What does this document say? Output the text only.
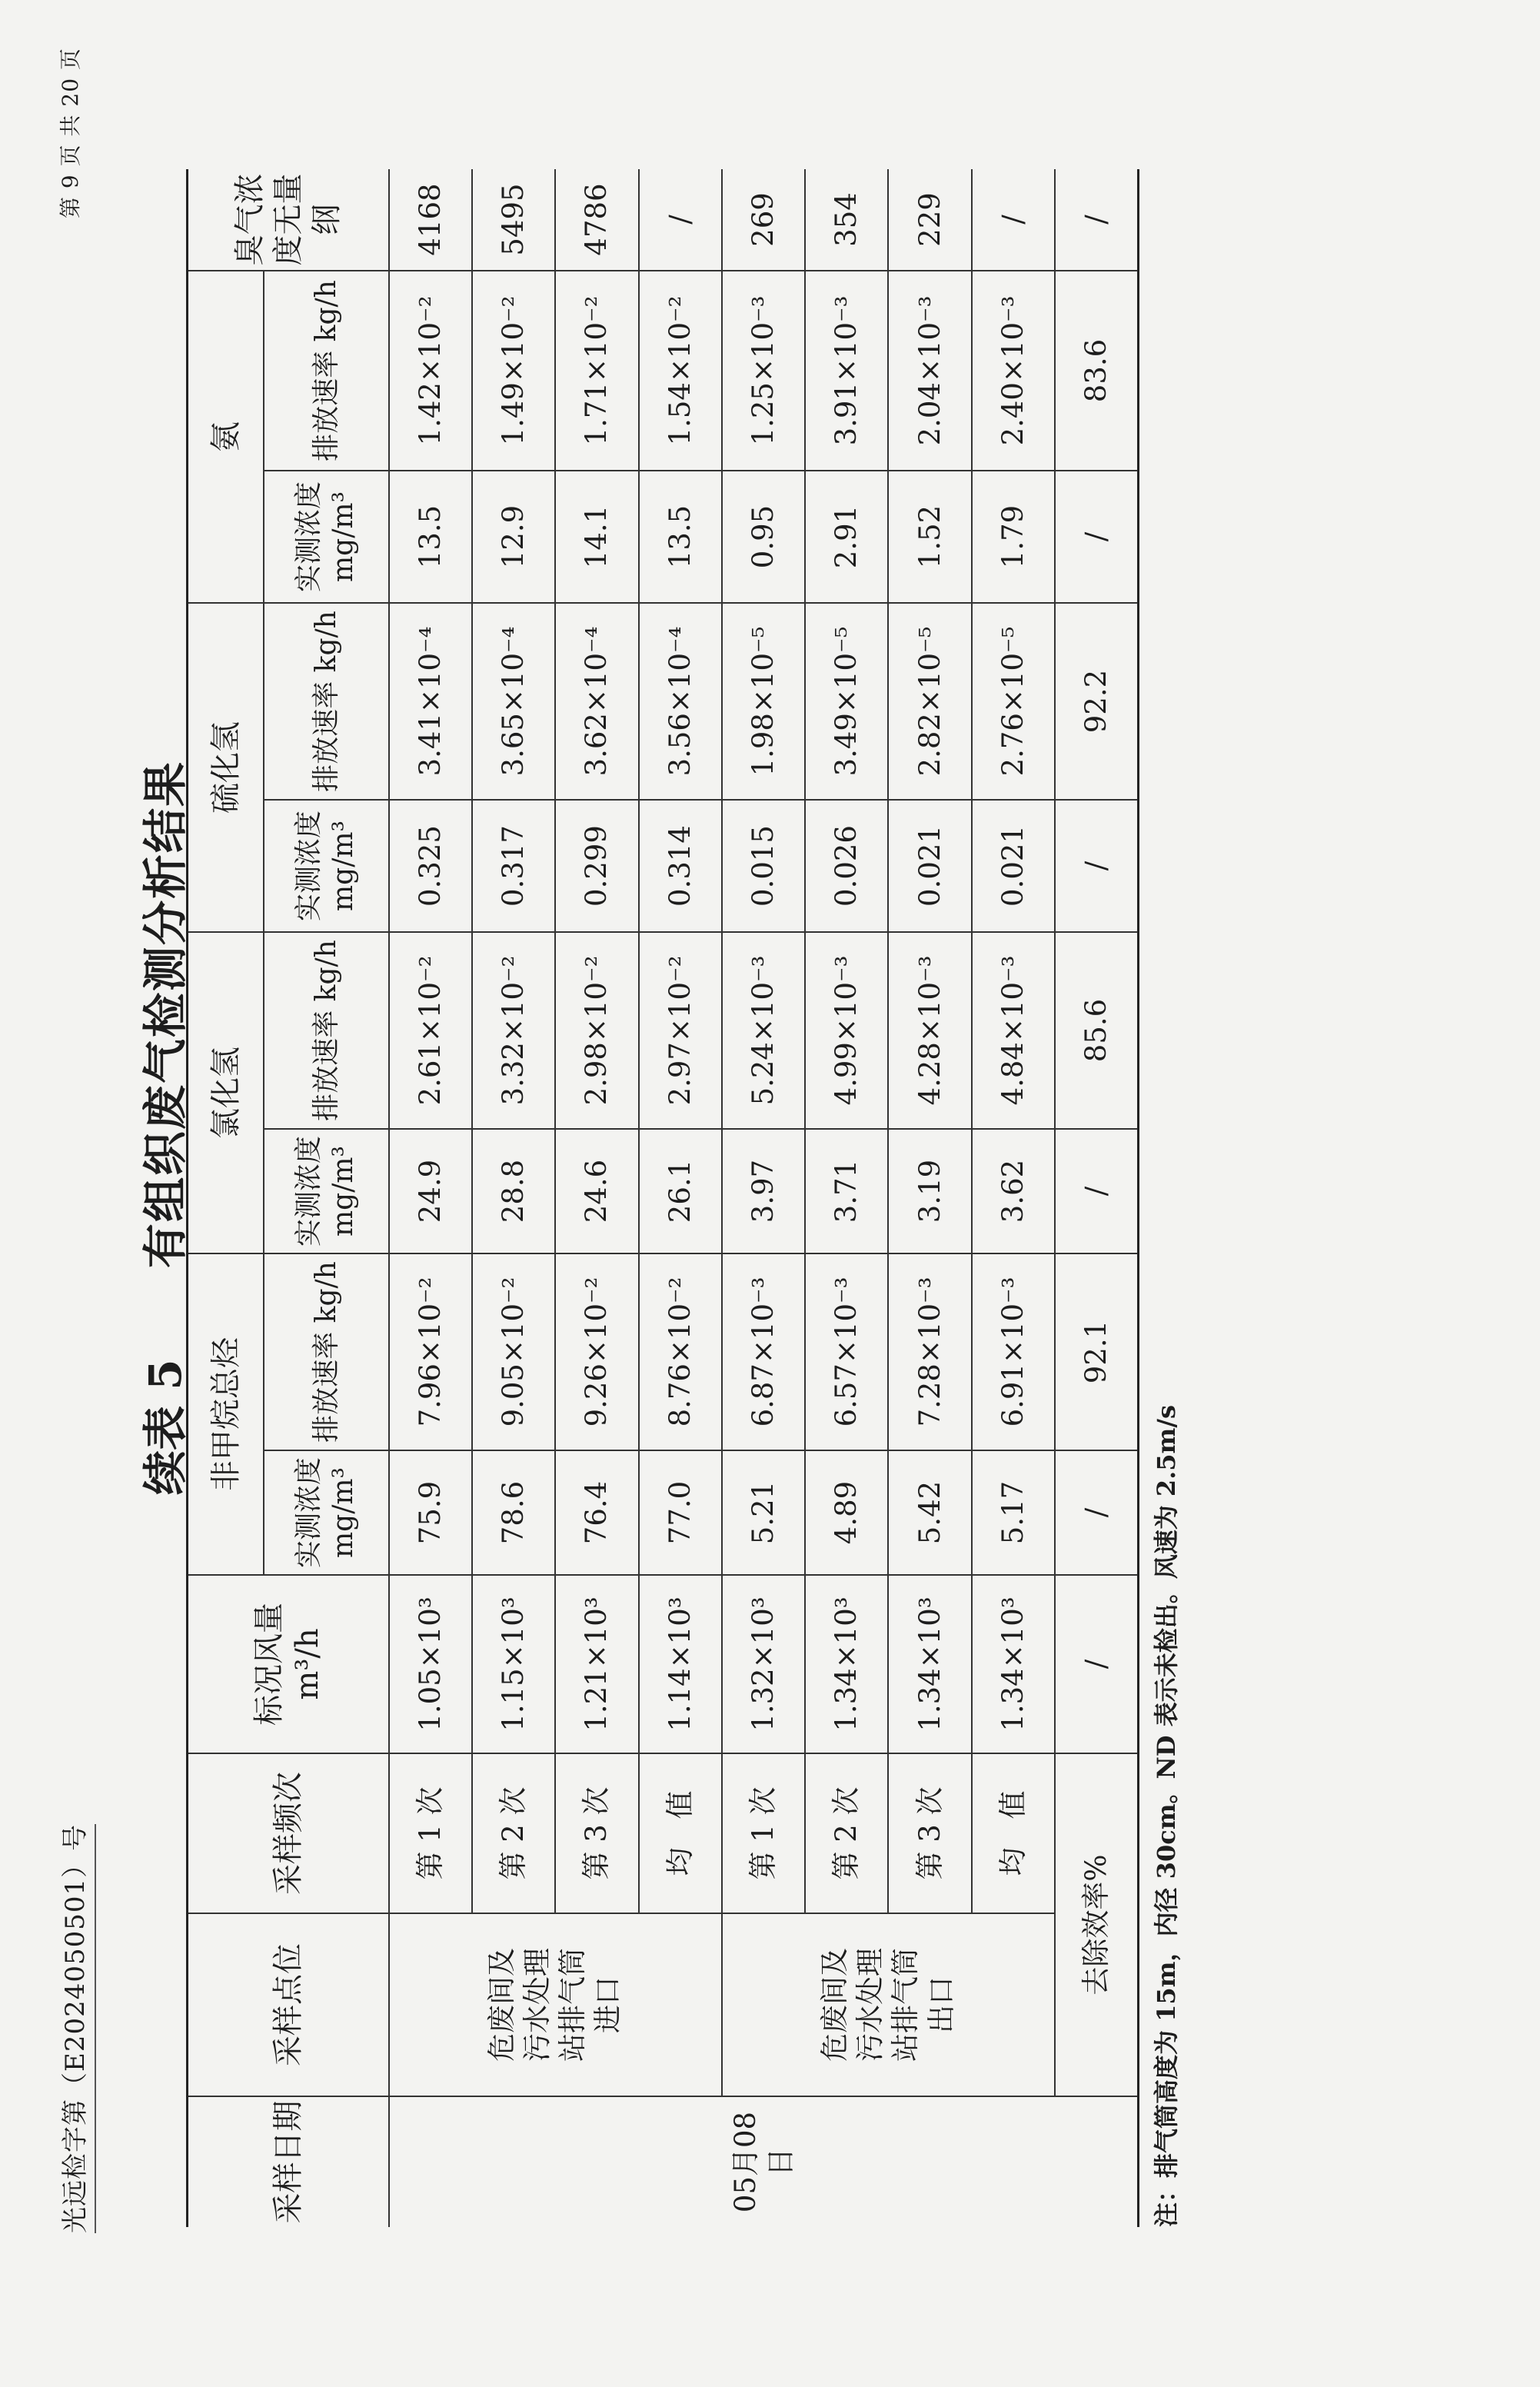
光远检字第（E2024050501）号
第 9 页 共 20 页
续表 5
有组织废气检测分析结果
采样日期	采样点位	采样频次	标况风量 m³/h	非甲烷总烃		氯化氢		硫化氢		氨		臭气浓度无量纲
				实测浓度 mg/m³	排放速率 kg/h	实测浓度 mg/m³	排放速率 kg/h	实测浓度 mg/m³	排放速率 kg/h	实测浓度 mg/m³	排放速率 kg/h	
05月08日	危废间及污水处理站排气筒进口	第 1 次	1.05×10³	75.9	7.96×10⁻²	24.9	2.61×10⁻²	0.325	3.41×10⁻⁴	13.5	1.42×10⁻²	4168
		第 2 次	1.15×10³	78.6	9.05×10⁻²	28.8	3.32×10⁻²	0.317	3.65×10⁻⁴	12.9	1.49×10⁻²	5495
		第 3 次	1.21×10³	76.4	9.26×10⁻²	24.6	2.98×10⁻²	0.299	3.62×10⁻⁴	14.1	1.71×10⁻²	4786
		均　值	1.14×10³	77.0	8.76×10⁻²	26.1	2.97×10⁻²	0.314	3.56×10⁻⁴	13.5	1.54×10⁻²	/
	危废间及污水处理站排气筒出口	第 1 次	1.32×10³	5.21	6.87×10⁻³	3.97	5.24×10⁻³	0.015	1.98×10⁻⁵	0.95	1.25×10⁻³	269
		第 2 次	1.34×10³	4.89	6.57×10⁻³	3.71	4.99×10⁻³	0.026	3.49×10⁻⁵	2.91	3.91×10⁻³	354
		第 3 次	1.34×10³	5.42	7.28×10⁻³	3.19	4.28×10⁻³	0.021	2.82×10⁻⁵	1.52	2.04×10⁻³	229
		均　值	1.34×10³	5.17	6.91×10⁻³	3.62	4.84×10⁻³	0.021	2.76×10⁻⁵	1.79	2.40×10⁻³	/
	去除效率%		/	/	92.1	/	85.6	/	92.2	/	83.6	/
注：排气筒高度为 15m，内径 30cm。ND 表示未检出。风速为 2.5m/s
